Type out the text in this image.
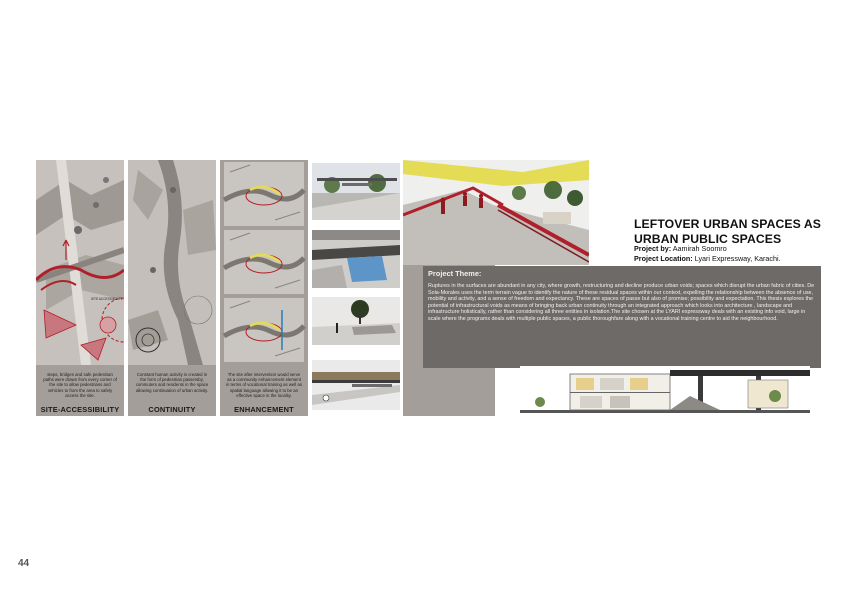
SITE ACCESSIBILITY
steps, bridges and safe pedestrian paths were drawn from every corner of the site to allow pedestrians and vehicles to from the area to safely access the site.
SITE-ACCESSIBILITY
Constant human activity is created in the form of pedestrian passersby, commuters and residents in the space allowing continuation of urban activity.
CONTINUITY
The site after intervention would serve as a community enhancement element in terms of vocational training as well as spatial language allowing it to be an effective space in the locality.
ENHANCEMENT
LEFTOVER URBAN SPACES AS
URBAN PUBLIC SPACES
Project by: Aamirah Soomro
Project Location: Lyari Expressway, Karachi.
Project Theme:
Ruptures in the surfaces are abundant in any city, where growth, restructuring and decline produce urban voids; spaces which disrupt the urban fabric of cities. De Sola-Morales uses the term terrain vague to identify the nature of these residual spaces within our context, expelling the relationship between the absence of use, mobility and activity, and a sense of freedom and expectancy. These are spaces of passe but also of promise; possibility and expectation. This thesis explores the potential of infrastructural voids as means of bringing back urban continuity through an integrated approach which looks into architecture , landscape and infrastructure holistically, rather than considering all three entities in isolation.The site chosen at the LYARI expressway deals with an existing info void, large in scale where the programs deals with multiple public spaces, a public thoroughfare along with a vocational training centre to aid the neighbourhood.
44
